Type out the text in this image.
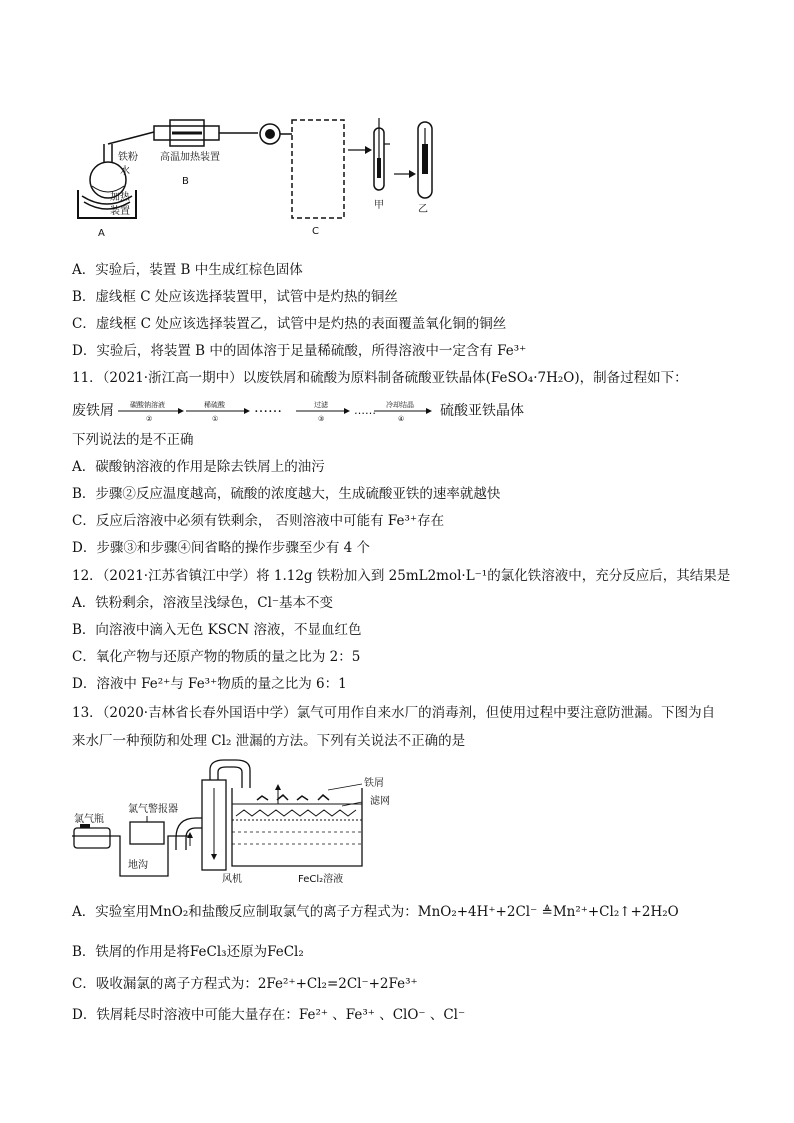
铁粉
水
高温加热装置
B
加热
装置
A	C
甲	乙
A．实验后，装置 B 中生成红棕色固体
B．虚线框 C 处应该选择装置甲，试管中是灼热的铜丝
C．虚线框 C 处应该选择装置乙，试管中是灼热的表面覆盖氧化铜的铜丝
D．实验后，将装置 B 中的固体溶于足量稀硫酸，所得溶液中一定含有 Fe³⁺
11．（2021·浙江高一期中）以废铁屑和硫酸为原料制备硫酸亚铁晶体(FeSO₄·7H₂O)，制备过程如下：
废铁屑 碳酸钠溶液
②
稀硫酸
①
……	过滤
③
…… 冷却结晶
④	硫酸亚铁晶体
下列说法的是不正确
A．碳酸钠溶液的作用是除去铁屑上的油污
B．步骤②反应温度越高，硫酸的浓度越大，生成硫酸亚铁的速率就越快
C．反应后溶液中必须有铁剩余， 否则溶液中可能有 Fe³⁺存在
D．步骤③和步骤④间省略的操作步骤至少有 4 个
12．（2021·江苏省镇江中学）将 1.12g 铁粉加入到 25mL2mol·L⁻¹的氯化铁溶液中，充分反应后，其结果是
A．铁粉剩余，溶液呈浅绿色，Cl⁻基本不变
B．向溶液中滴入无色 KSCN 溶液，不显血红色
C．氧化产物与还原产物的物质的量之比为 2：5
D．溶液中 Fe²⁺与 Fe³⁺物质的量之比为 6：1
13．（2020·吉林省长春外国语中学）氯气可用作自来水厂的消毒剂，但使用过程中要注意防泄漏。下图为自
来水厂一种预防和处理 Cl₂ 泄漏的方法。下列有关说法不正确的是
氯气瓶
氯气警报器
地沟
风机
铁屑
滤网
FeCl₂溶液
A．实验室用MnO₂和盐酸反应制取氯气的离子方程式为：MnO₂+4H⁺+2Cl⁻ ≜Mn²⁺+Cl₂↑+2H₂O
B．铁屑的作用是将FeCl₃还原为FeCl₂
C．吸收漏氯的离子方程式为：2Fe²⁺+Cl₂=2Cl⁻+2Fe³⁺
D．铁屑耗尽时溶液中可能大量存在：Fe²⁺ 、Fe³⁺ 、ClO⁻ 、Cl⁻
